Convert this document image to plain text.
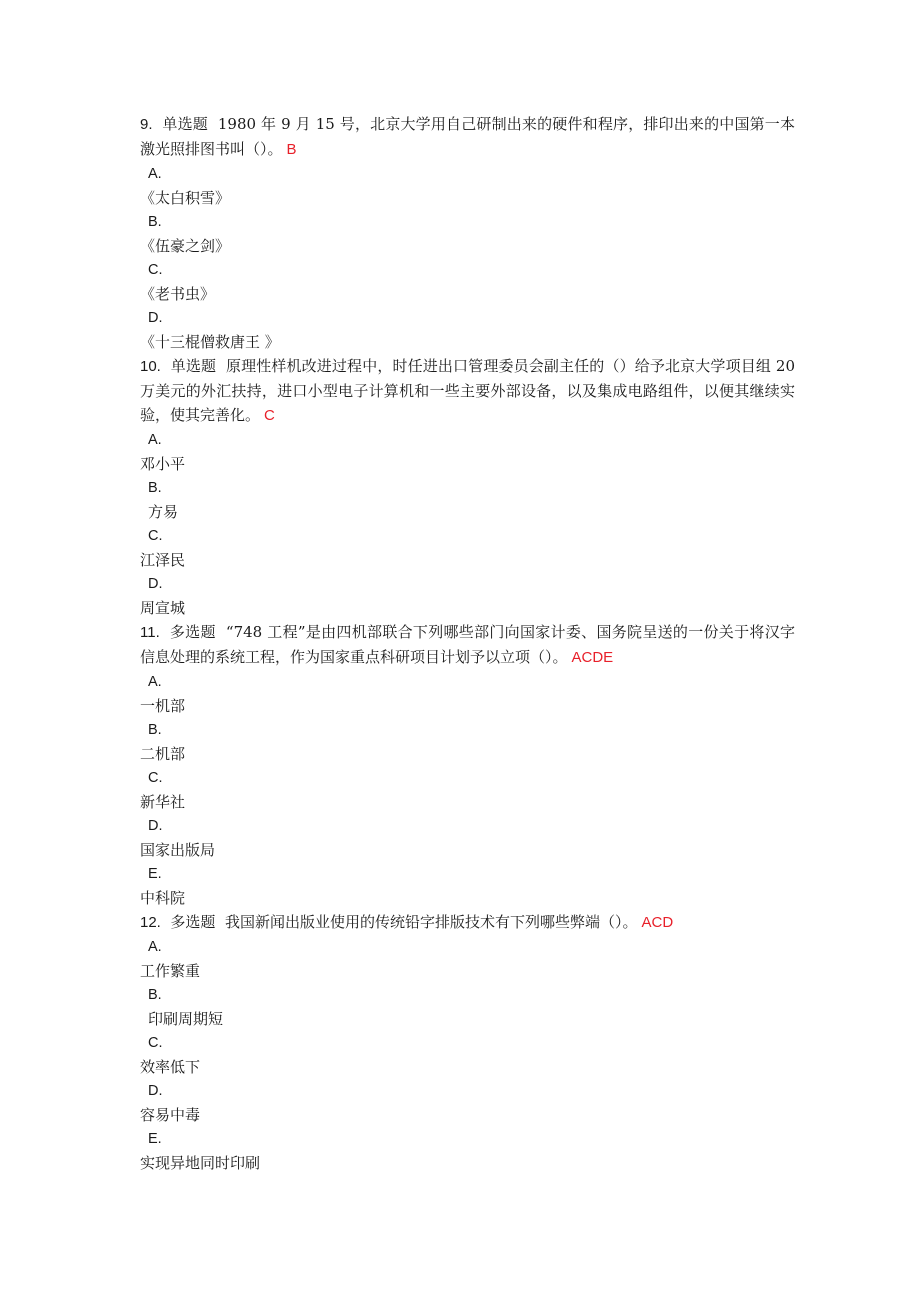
9. 单选题 1980 年 9 月 15 号，北京大学用自己研制出来的硬件和程序，排印出来的中国第一本激光照排图书叫（）。 B
A.
《太白积雪》
B.
《伍豪之剑》
C.
《老书虫》
D.
《十三棍僧救唐王 》
10. 单选题 原理性样机改进过程中，时任进出口管理委员会副主任的（）给予北京大学项目组 20 万美元的外汇扶持，进口小型电子计算机和一些主要外部设备，以及集成电路组件，以便其继续实验，使其完善化。 C
A.
邓小平
B.
方易
C.
江泽民
D.
周宣城
11. 多选题 “748 工程”是由四机部联合下列哪些部门向国家计委、国务院呈送的一份关于将汉字信息处理的系统工程，作为国家重点科研项目计划予以立项（）。 ACDE
A.
一机部
B.
二机部
C.
新华社
D.
国家出版局
E.
中科院
12. 多选题 我国新闻出版业使用的传统铅字排版技术有下列哪些弊端（）。 ACD
A.
工作繁重
B.
印刷周期短
C.
效率低下
D.
容易中毒
E.
实现异地同时印刷
